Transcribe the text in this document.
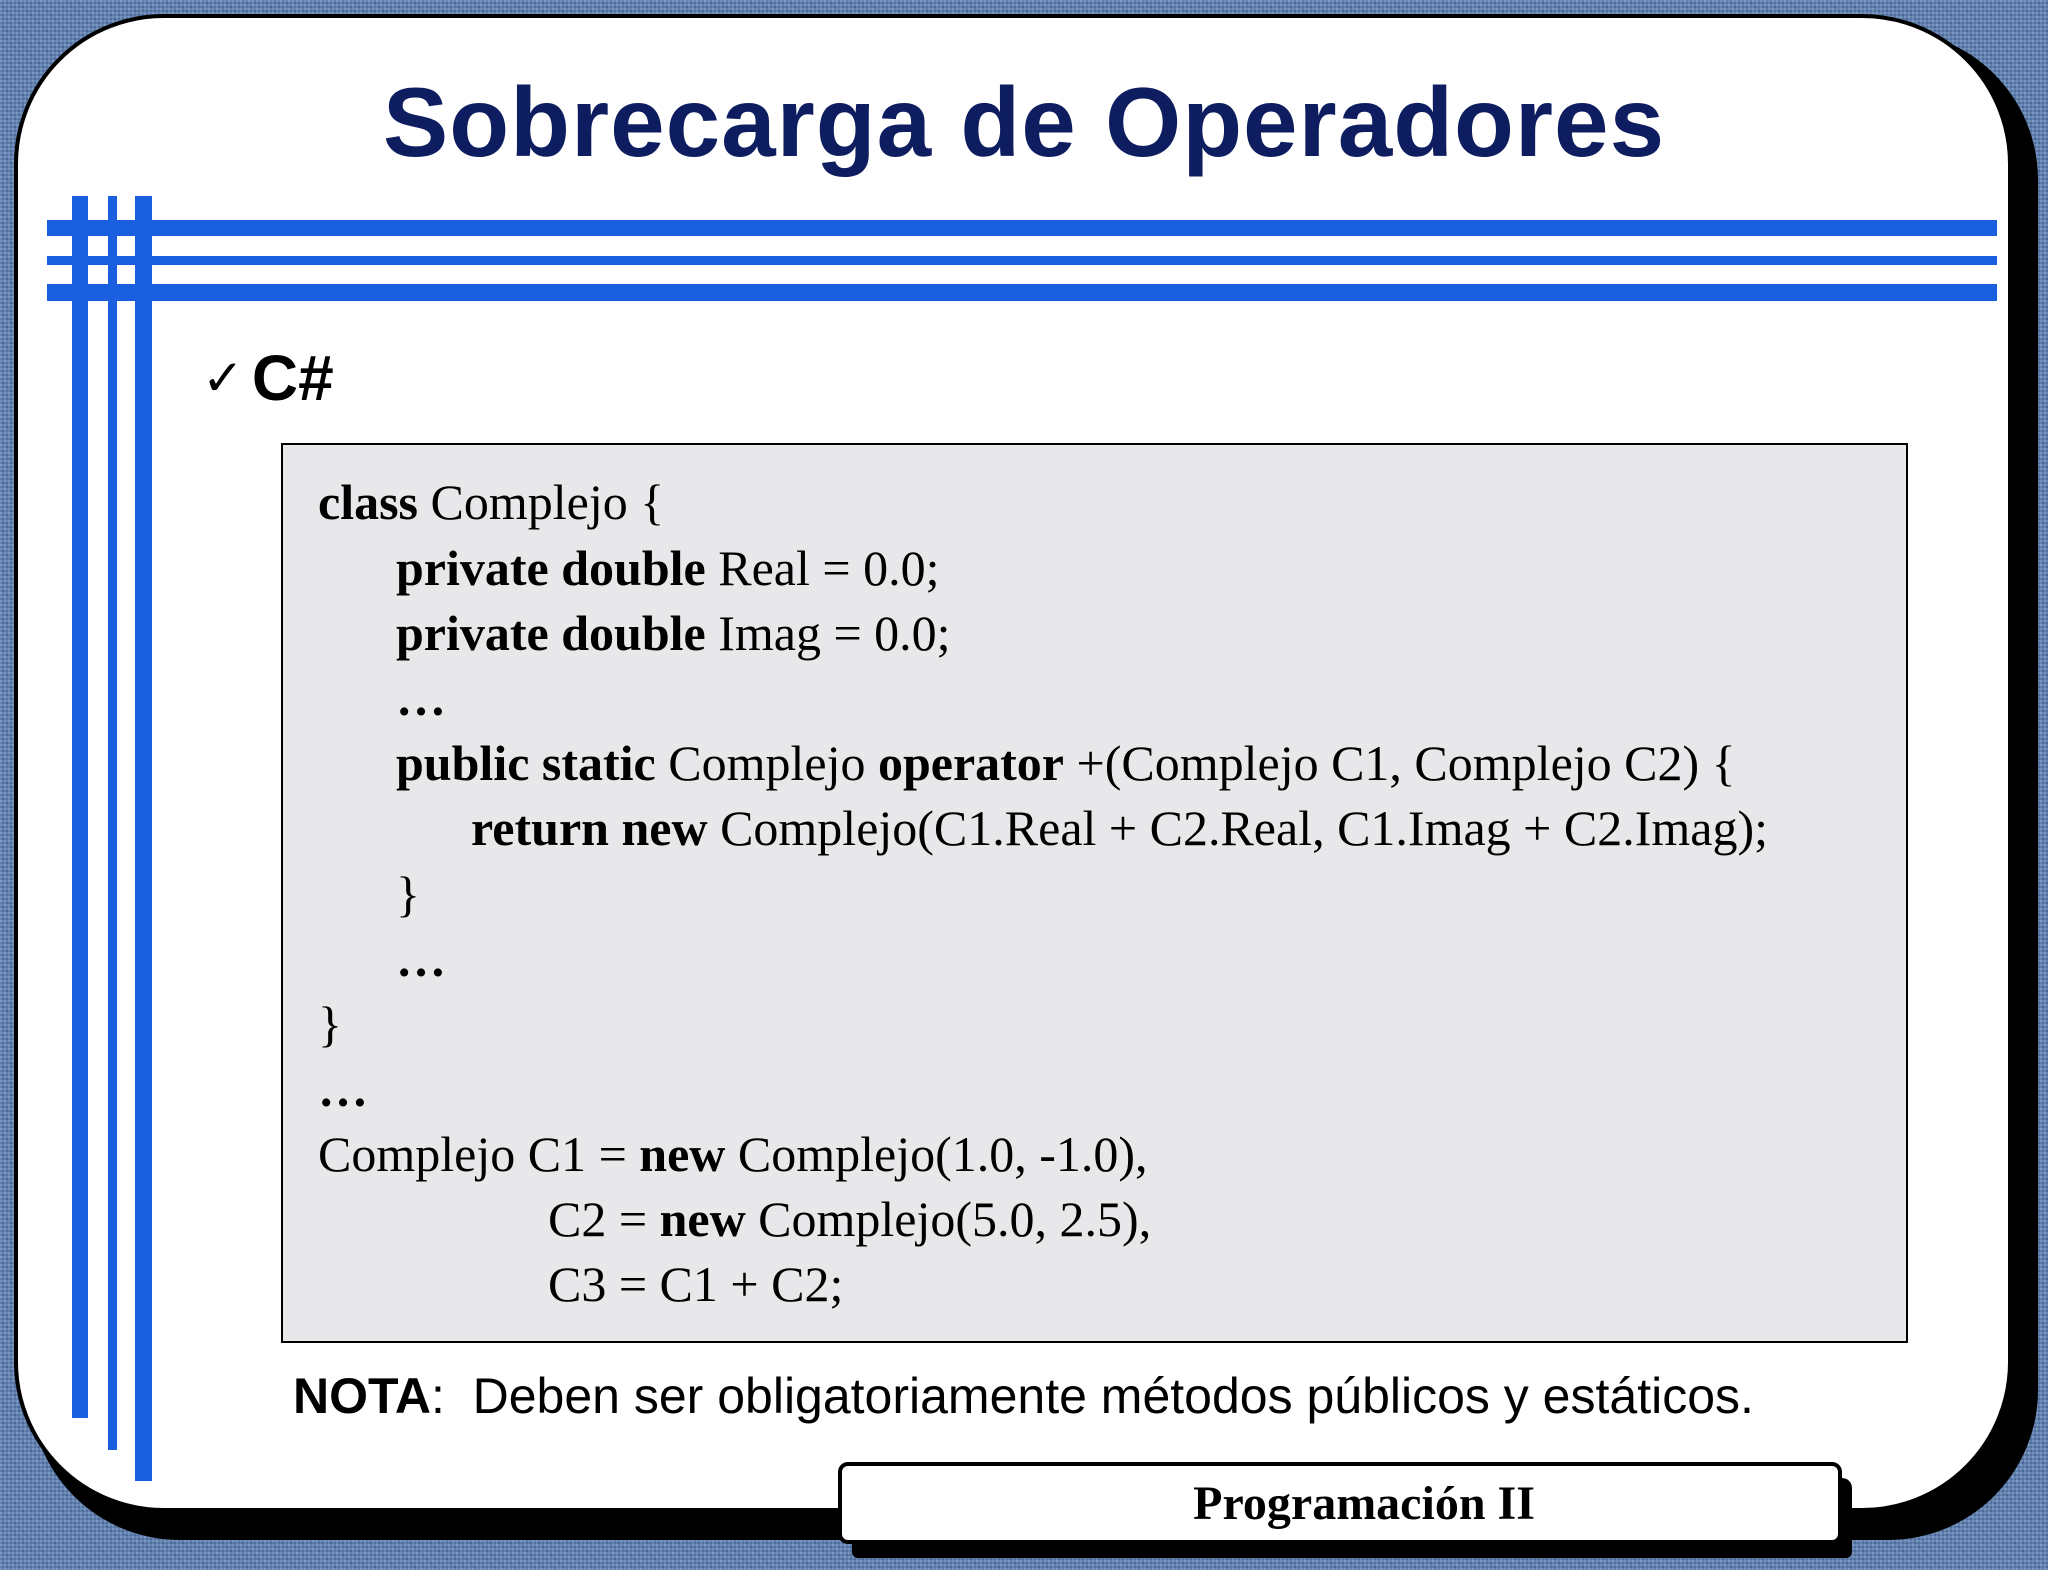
Sobrecarga de Operadores
✓ C#
class Complejo {
private double Real = 0.0;
private double Imag = 0.0;
…
public static Complejo operator +(Complejo C1, Complejo C2) {
return new Complejo(C1.Real + C2.Real, C1.Imag + C2.Imag);
}
…
}
…
Complejo C1 = new Complejo(1.0, -1.0),
C2 = new Complejo(5.0, 2.5),
C3 = C1 + C2;
NOTA:  Deben ser obligatoriamente métodos públicos y estáticos.
Programación II
